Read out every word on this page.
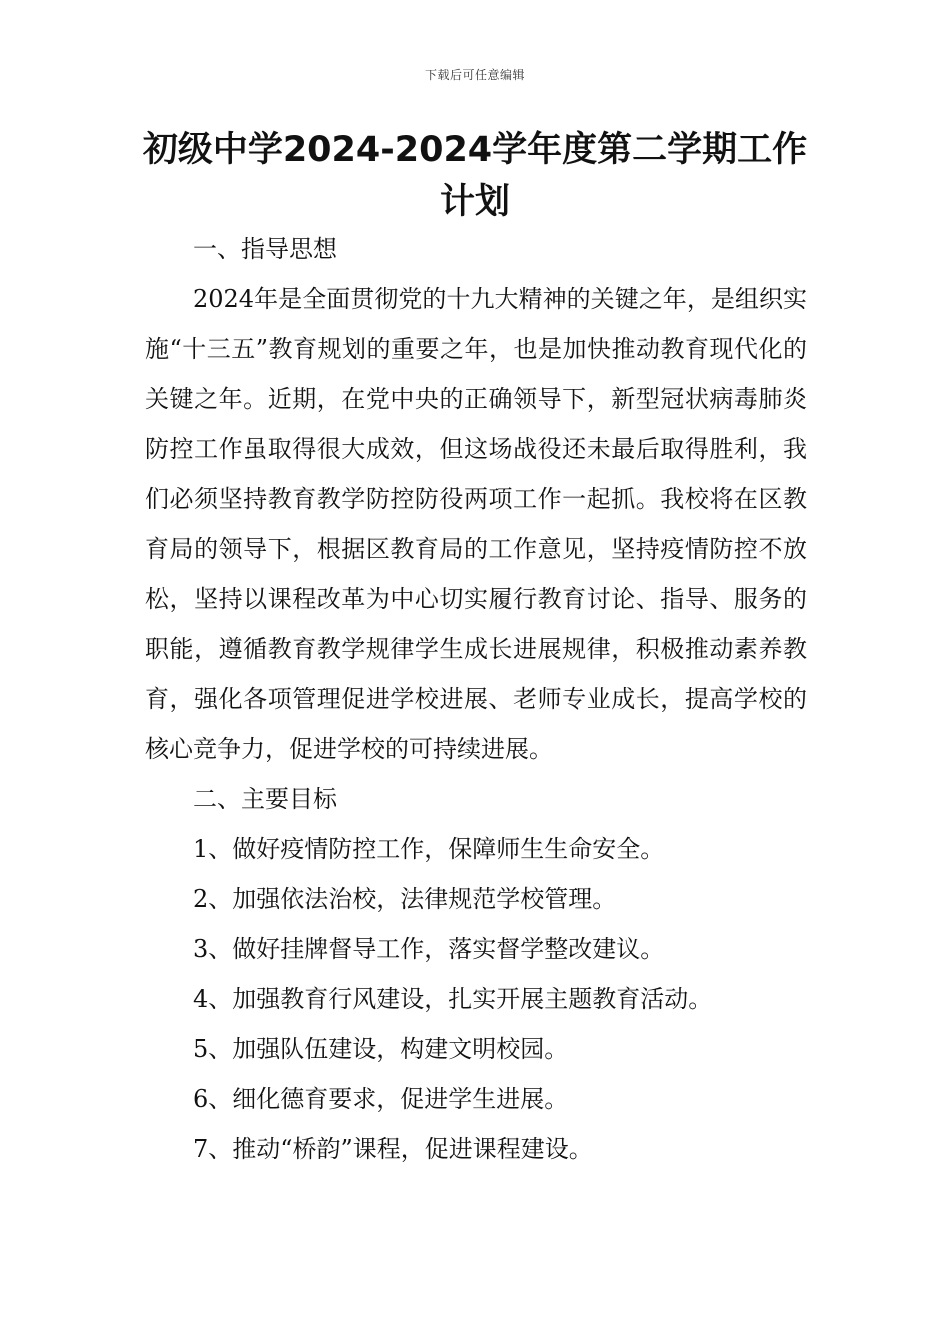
下载后可任意编辑
初级中学2024-2024学年度第二学期工作计划

一、指导思想

2024年是全面贯彻党的十九大精神的关键之年，是组织实施“十三五”教育规划的重要之年，也是加快推动教育现代化的关键之年。近期，在党中央的正确领导下，新型冠状病毒肺炎防控工作虽取得很大成效，但这场战役还未最后取得胜利，我们必须坚持教育教学防控防役两项工作一起抓。我校将在区教育局的领导下，根据区教育局的工作意见，坚持疫情防控不放松，坚持以课程改革为中心切实履行教育讨论、指导、服务的职能，遵循教育教学规律学生成长进展规律，积极推动素养教育，强化各项管理促进学校进展、老师专业成长，提高学校的核心竞争力，促进学校的可持续进展。

二、主要目标

1、做好疫情防控工作，保障师生生命安全。
2、加强依法治校，法律规范学校管理。
3、做好挂牌督导工作，落实督学整改建议。
4、加强教育行风建设，扎实开展主题教育活动。
5、加强队伍建设，构建文明校园。
6、细化德育要求，促进学生进展。
7、推动“桥韵”课程，促进课程建设。
